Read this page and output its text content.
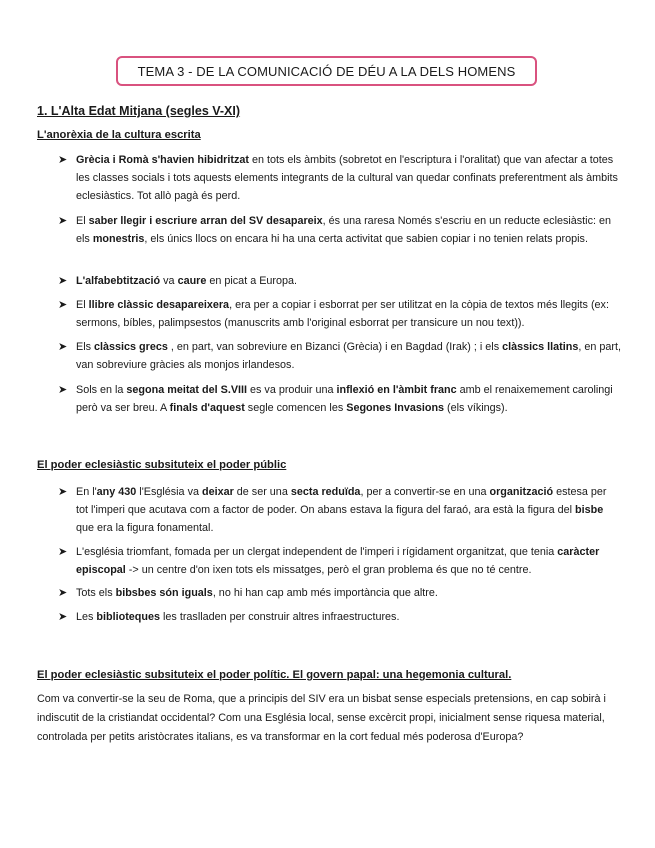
TEMA 3 - DE LA COMUNICACIÓ DE DÉU A LA DELS HOMENS
1. L'Alta Edat Mitjana (segles V-XI)
L'anorèxia de la cultura escrita
➤ Grècia i Romà s'havien hibidritzat en tots els àmbits (sobretot en l'escriptura i l'oralitat) que van afectar a totes les classes socials i tots aquests elements integrants de la cultural van quedar confinats preferentment als àmbits eclesiàstics. Tot allò pagà és perd.
➤ El saber llegir i escriure arran del SV desapareix, és una raresa Només s'escriu en un reducte eclesiàstic: en els monestris, els únics llocs on encara hi ha una certa activitat que sabien copiar i no tenien relats propis.
➤ L'alfabebtització va caure en picat a Europa.
➤ El llibre clàssic desapareixera, era per a copiar i esborrat per ser utilitzat en la còpia de textos més llegits (ex: sermons, bíbles, palimpsestos (manuscrits amb l'original esborrat per transicure un nou text)).
➤ Els clàssics grecs , en part, van sobreviure en Bizanci (Grècia) i en Bagdad (Irak) ; i els clàssics llatins, en part, van sobreviure gràcies als monjos irlandesos.
➤ Sols en la segona meitat del S.VIII es va produir una inflexió en l'àmbit franc amb el renaixemement carolingi però va ser breu. A finals d'aquest segle comencen les Segones Invasions (els víkings).
El poder eclesiàstic subsituteix el poder públic
➤ En l'any 430 l'Església va deixar de ser una secta reduïda, per a convertir-se en una organització estesa per tot l'imperi que acutava com a factor de poder. On abans estava la figura del faraó, ara està la figura del bisbe que era la figura fonamental.
➤ L'església triomfant, fomada per un clergat independent de l'imperi i rígidament organitzat, que tenia caràcter episcopal -> un centre d'on ixen tots els missatges, però el gran problema és que no té centre.
➤ Tots els bibsbes són iguals, no hi han cap amb més importància que altre.
➤ Les biblioteques les traslladen per construir altres infraestructures.
El poder eclesiàstic subsituteix el poder polític. El govern papal: una hegemonia cultural.
Com va convertir-se la seu de Roma, que a principis del SIV era un bisbat sense especials pretensions, en cap sobirà i indiscutit de la cristiandat occidental? Com una Església local, sense excèrcit propi, inicialment sense riquesa material, controlada per petits aristòcrates italians, es va transformar en la cort fedual més poderosa d'Europa?
